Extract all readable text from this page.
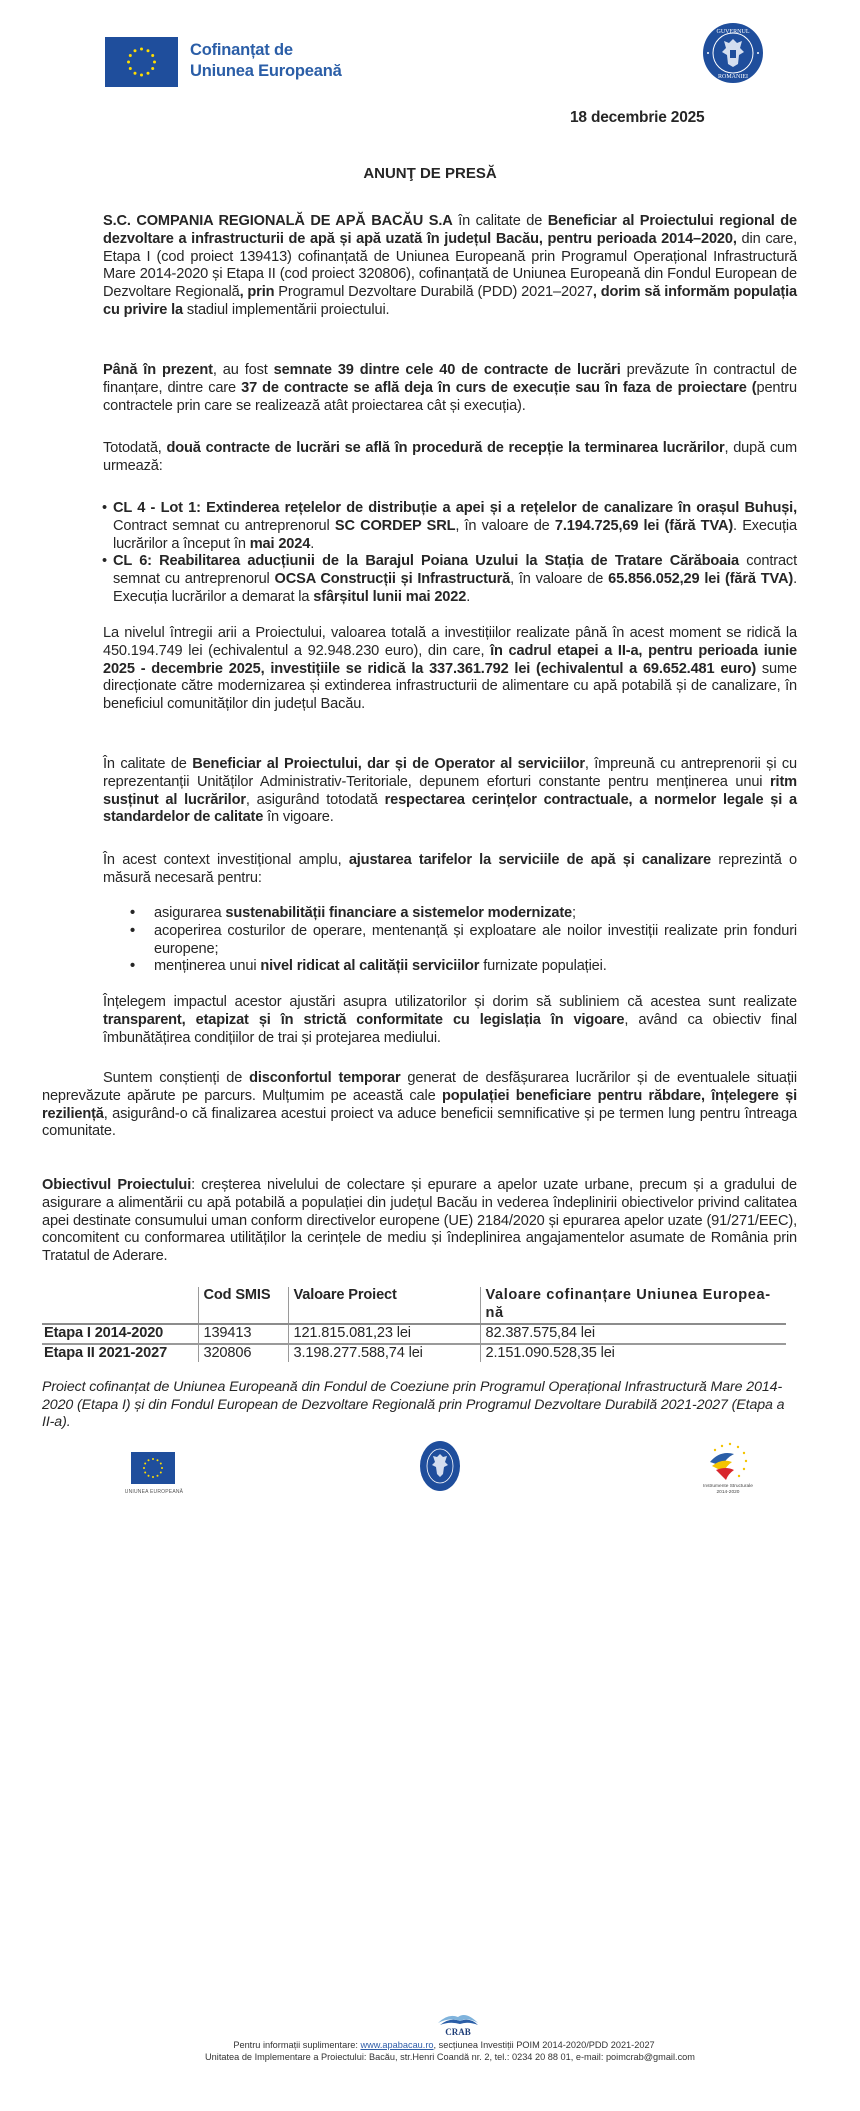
Cofinanțat de
Uniunea Europeană
GUVERNUL
ROMÂNIEI
18 decembrie 2025
ANUNŢ DE PRESĂ
S.C. COMPANIA REGIONALĂ DE APĂ BACĂU S.A în calitate de Beneficiar al Proiectului regional de dezvoltare a infrastructurii de apă și apă uzată în județul Bacău, pentru perioada 2014–2020, din care, Etapa I (cod proiect 139413) cofinanțată de Uniunea Europeană prin Programul Operațional Infrastructură Mare 2014-2020 și Etapa II (cod proiect 320806), cofinanțată de Uniunea Europeană din Fondul European de Dezvoltare Regională, prin Programul Dezvoltare Durabilă (PDD) 2021–2027, dorim să informăm populația cu privire la stadiul implementării proiectului.
Până în prezent, au fost semnate 39 dintre cele 40 de contracte de lucrări prevăzute în contractul de finanțare, dintre care 37 de contracte se află deja în curs de execuție sau în faza de proiectare (pentru contractele prin care se realizează atât proiectarea cât și execuția).
Totodată, două contracte de lucrări se află în procedură de recepție la terminarea lucrărilor, după cum urmează:
• CL 4 - Lot 1: Extinderea rețelelor de distribuție a apei și a rețelelor de canalizare în orașul Buhuși, Contract semnat cu antreprenorul SC CORDEP SRL, în valoare de 7.194.725,69 lei (fără TVA). Execuția lucrărilor a început în mai 2024.
• CL 6: Reabilitarea aducțiunii de la Barajul Poiana Uzului la Stația de Tratare Cărăboaia contract semnat cu antreprenorul OCSA Construcții și Infrastructură, în valoare de 65.856.052,29 lei (fără TVA). Execuția lucrărilor a demarat la sfârșitul lunii mai 2022.
La nivelul întregii arii a Proiectului, valoarea totală a investițiilor realizate până în acest moment se ridică la 450.194.749 lei (echivalentul a 92.948.230 euro), din care, în cadrul etapei a II-a, pentru perioada iunie 2025 - decembrie 2025, investițiile se ridică la 337.361.792 lei (echivalentul a 69.652.481 euro) sume direcționate către modernizarea și extinderea infrastructurii de alimentare cu apă potabilă și de canalizare, în beneficiul comunităților din județul Bacău.
În calitate de Beneficiar al Proiectului, dar și de Operator al serviciilor, împreună cu antreprenorii și cu reprezentanții Unităților Administrativ-Teritoriale, depunem eforturi constante pentru menținerea unui ritm susținut al lucrărilor, asigurând totodată respectarea cerințelor contractuale, a normelor legale și a standardelor de calitate în vigoare.
În acest context investițional amplu, ajustarea tarifelor la serviciile de apă și canalizare reprezintă o măsură necesară pentru:
• asigurarea sustenabilității financiare a sistemelor modernizate;
• acoperirea costurilor de operare, mentenanță și exploatare ale noilor investiții realizate prin fonduri europene;
• menținerea unui nivel ridicat al calității serviciilor furnizate populației.
Înțelegem impactul acestor ajustări asupra utilizatorilor și dorim să subliniem că acestea sunt realizate transparent, etapizat și în strictă conformitate cu legislația în vigoare, având ca obiectiv final îmbunătățirea condițiilor de trai și protejarea mediului.
Suntem conștienți de disconfortul temporar generat de desfășurarea lucrărilor și de eventualele situații neprevăzute apărute pe parcurs. Mulțumim pe această cale populației beneficiare pentru răbdare, înțelegere și reziliență, asigurând-o că finalizarea acestui proiect va aduce beneficii semnificative și pe termen lung pentru întreaga comunitate.
Obiectivul Proiectului: creșterea nivelului de colectare și epurare a apelor uzate urbane, precum și a gradului de asigurare a alimentării cu apă potabilă a populației din județul Bacău in vederea îndeplinirii obiectivelor privind calitatea apei destinate consumului uman conform directivelor europene (UE) 2184/2020 și epurarea apelor uzate (91/271/EEC), concomitent cu conformarea utilităților la cerințele de mediu și îndeplinirea angajamentelor asumate de România prin Tratatul de Aderare.
	Cod SMIS	Valoare Proiect	Valoare cofinanțare Uniunea Europea-nă
Etapa I 2014-2020	139413	121.815.081,23 lei	82.387.575,84 lei
Etapa II 2021-2027	320806	3.198.277.588,74 lei	2.151.090.528,35 lei
Proiect cofinanțat de Uniunea Europeană din Fondul de Coeziune prin Programul Operațional Infrastructură Mare 2014-2020 (Etapa I) și din Fondul European de Dezvoltare Regională prin Programul Dezvoltare Durabilă 2021-2027 (Etapa a II-a).
UNIUNEA EUROPEANĂ
Instrumente Structurale
2014-2020
CRAB
Pentru informații suplimentare: www.apabacau.ro, secțiunea Investiții POIM 2014-2020/PDD 2021-2027
Unitatea de Implementare a Proiectului: Bacău, str.Henri Coandă nr. 2, tel.: 0234 20 88 01, e-mail: poimcrab@gmail.com
